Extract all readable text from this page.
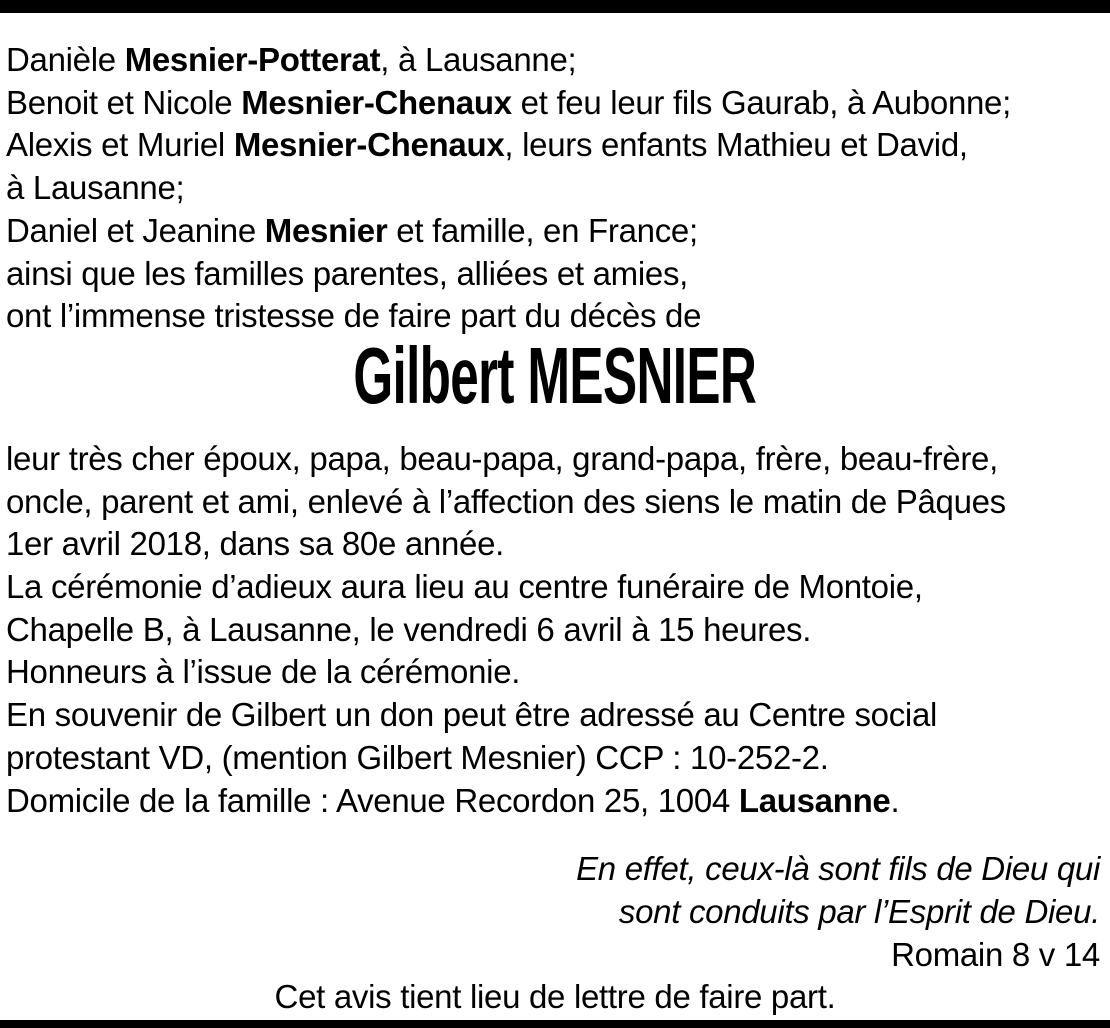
Danièle Mesnier-Potterat, à Lausanne;

Benoit et Nicole Mesnier-Chenaux et feu leur fils Gaurab, à Aubonne;

Alexis et Muriel Mesnier-Chenaux, leurs enfants Mathieu et David,

à Lausanne;

Daniel et Jeanine Mesnier et famille, en France;

ainsi que les familles parentes, alliées et amies,

ont l’immense tristesse de faire part du décès de

Gilbert MESNIER

leur très cher époux, papa, beau-papa, grand-papa, frère, beau-frère,

oncle, parent et ami, enlevé à l’affection des siens le matin de Pâques

1er avril 2018, dans sa 80e année.

La cérémonie d’adieux aura lieu au centre funéraire de Montoie,

Chapelle B, à Lausanne, le vendredi 6 avril à 15 heures.

Honneurs à l’issue de la cérémonie.

En souvenir de Gilbert un don peut être adressé au Centre social

protestant VD, (mention Gilbert Mesnier) CCP : 10-252-2.

Domicile de la famille : Avenue Recordon 25, 1004 Lausanne.

En effet, ceux-là sont fils de Dieu qui

sont conduits par l’Esprit de Dieu.

Romain 8 v 14

Cet avis tient lieu de lettre de faire part.
